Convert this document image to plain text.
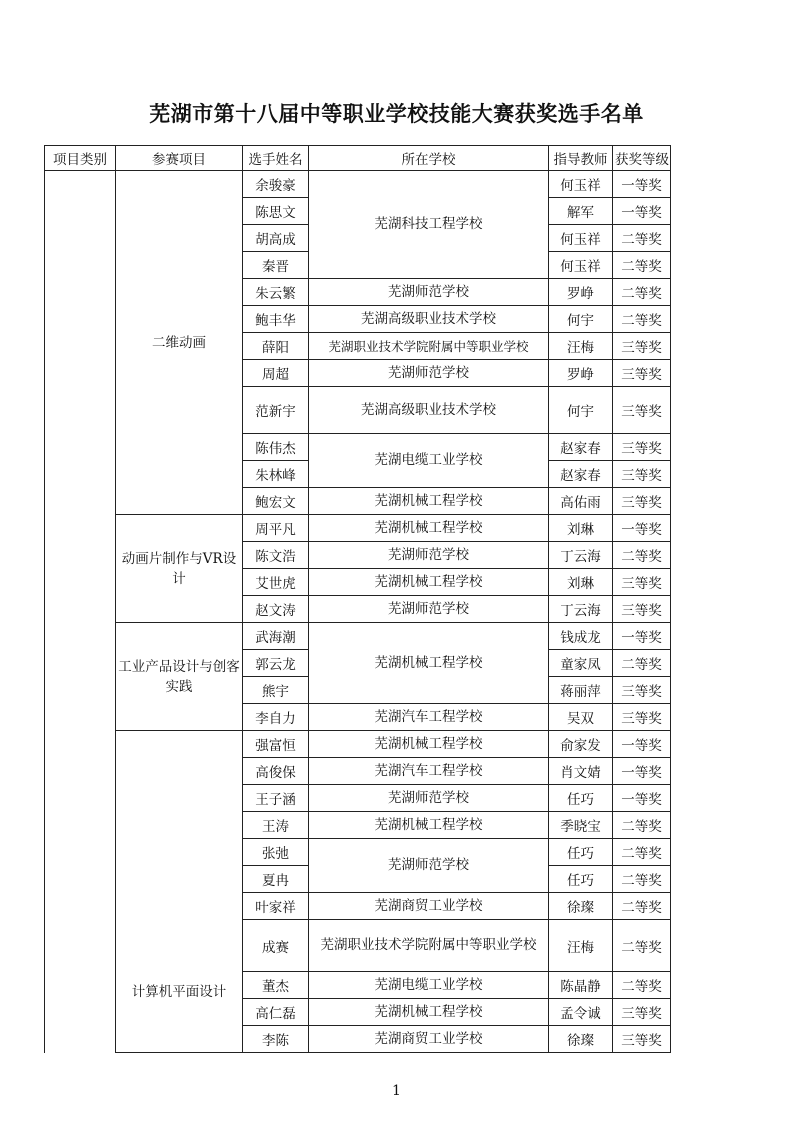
芜湖市第十八届中等职业学校技能大赛获奖选手名单
项目类别	参赛项目	选手姓名	所在学校	指导教师	获奖等级
	二维动画	余骏豪	芜湖科技工程学校	何玉祥	一等奖
		陈思文		解军	一等奖
		胡高成		何玉祥	二等奖
		秦晋		何玉祥	二等奖
		朱云繁	芜湖师范学校	罗峥	二等奖
		鲍丰华	芜湖高级职业技术学校	何宇	二等奖
		薛阳	芜湖职业技术学院附属中等职业学校	汪梅	三等奖
		周超	芜湖师范学校	罗峥	三等奖
		范新宇	芜湖高级职业技术学校	何宇	三等奖
		陈伟杰	芜湖电缆工业学校	赵家春	三等奖
		朱林峰		赵家春	三等奖
		鲍宏文	芜湖机械工程学校	高佑雨	三等奖
	动画片制作与VR设计	周平凡	芜湖机械工程学校	刘琳	一等奖
		陈文浩	芜湖师范学校	丁云海	二等奖
		艾世虎	芜湖机械工程学校	刘琳	三等奖
		赵文涛	芜湖师范学校	丁云海	三等奖
	工业产品设计与创客实践	武海潮	芜湖机械工程学校	钱成龙	一等奖
		郭云龙		童家凤	二等奖
		熊宇		蒋丽萍	三等奖
		李自力	芜湖汽车工程学校	吴双	三等奖
	计算机平面设计	强富恒	芜湖机械工程学校	俞家发	一等奖
		高俊保	芜湖汽车工程学校	肖文婧	一等奖
		王子涵	芜湖师范学校	任巧	一等奖
		王涛	芜湖机械工程学校	季晓宝	二等奖
		张弛	芜湖师范学校	任巧	二等奖
		夏冉		任巧	二等奖
		叶家祥	芜湖商贸工业学校	徐璨	二等奖
		成赛	芜湖职业技术学院附属中等职业学校	汪梅	二等奖
		董杰	芜湖电缆工业学校	陈晶静	二等奖
		高仁磊	芜湖机械工程学校	孟令诚	三等奖
		李陈	芜湖商贸工业学校	徐璨	三等奖
1
